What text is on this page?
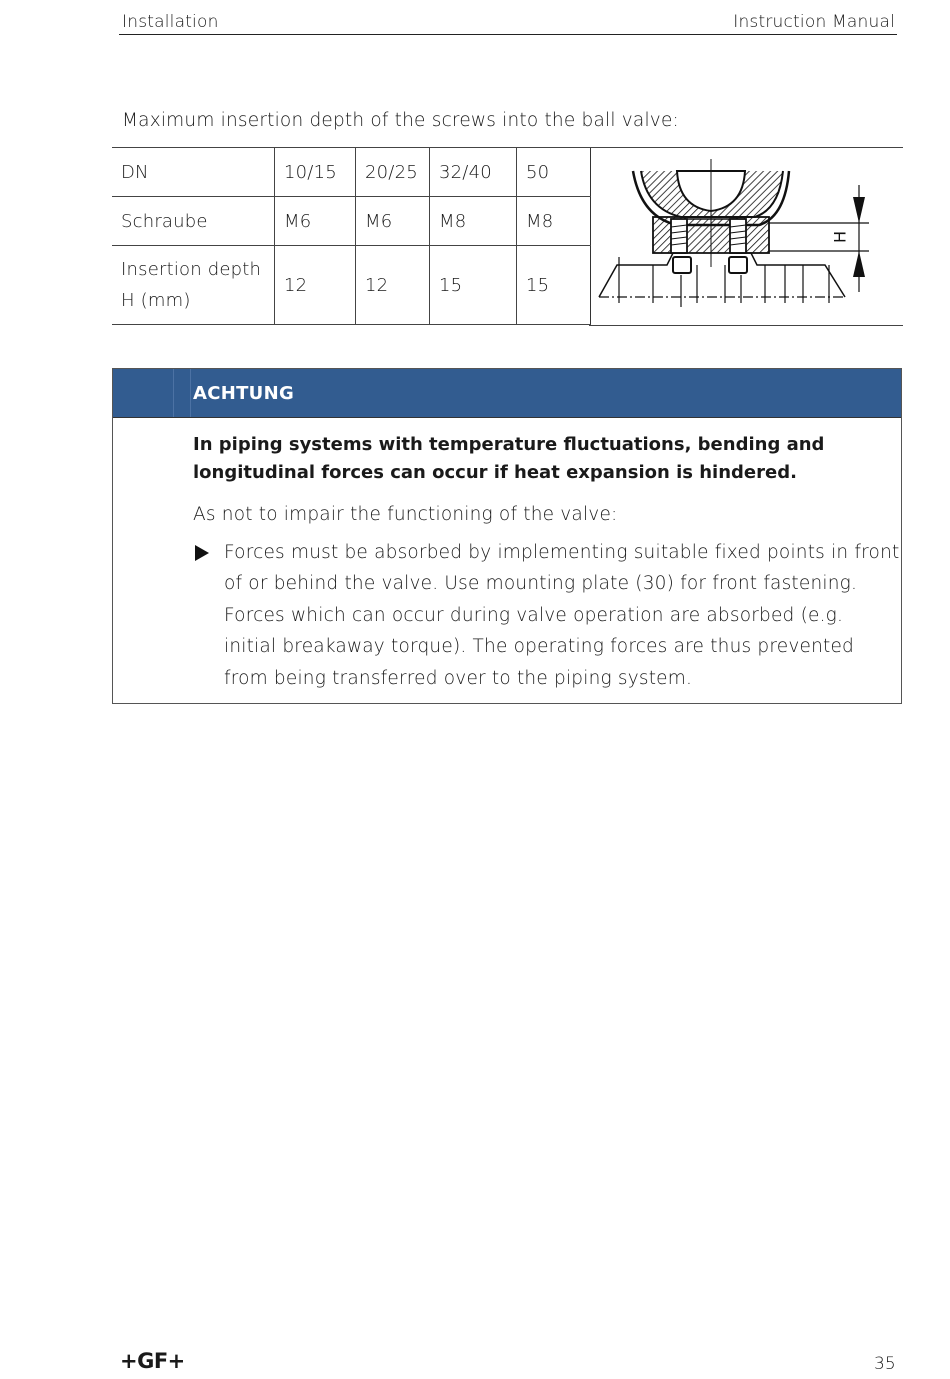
Installation	Instruction Manual
Maximum insertion depth of the screws into the ball valve:
DN	10/15	20/25	32/40	50
Schraube	M6	M6	M8	M8
Insertion depth
H (mm)	12	12	15	15
H
ACHTUNG
In piping systems with temperature fluctuations, bending and longitudinal forces can occur if heat expansion is hindered.
As not to impair the functioning of the valve:
Forces must be absorbed by implementing suitable fixed points in front of or behind the valve. Use mounting plate (30) for front fastening. Forces which can occur during valve operation are absorbed (e.g. initial breakaway torque). The operating forces are thus prevented from being transferred over to the piping system.
+GF+	35
